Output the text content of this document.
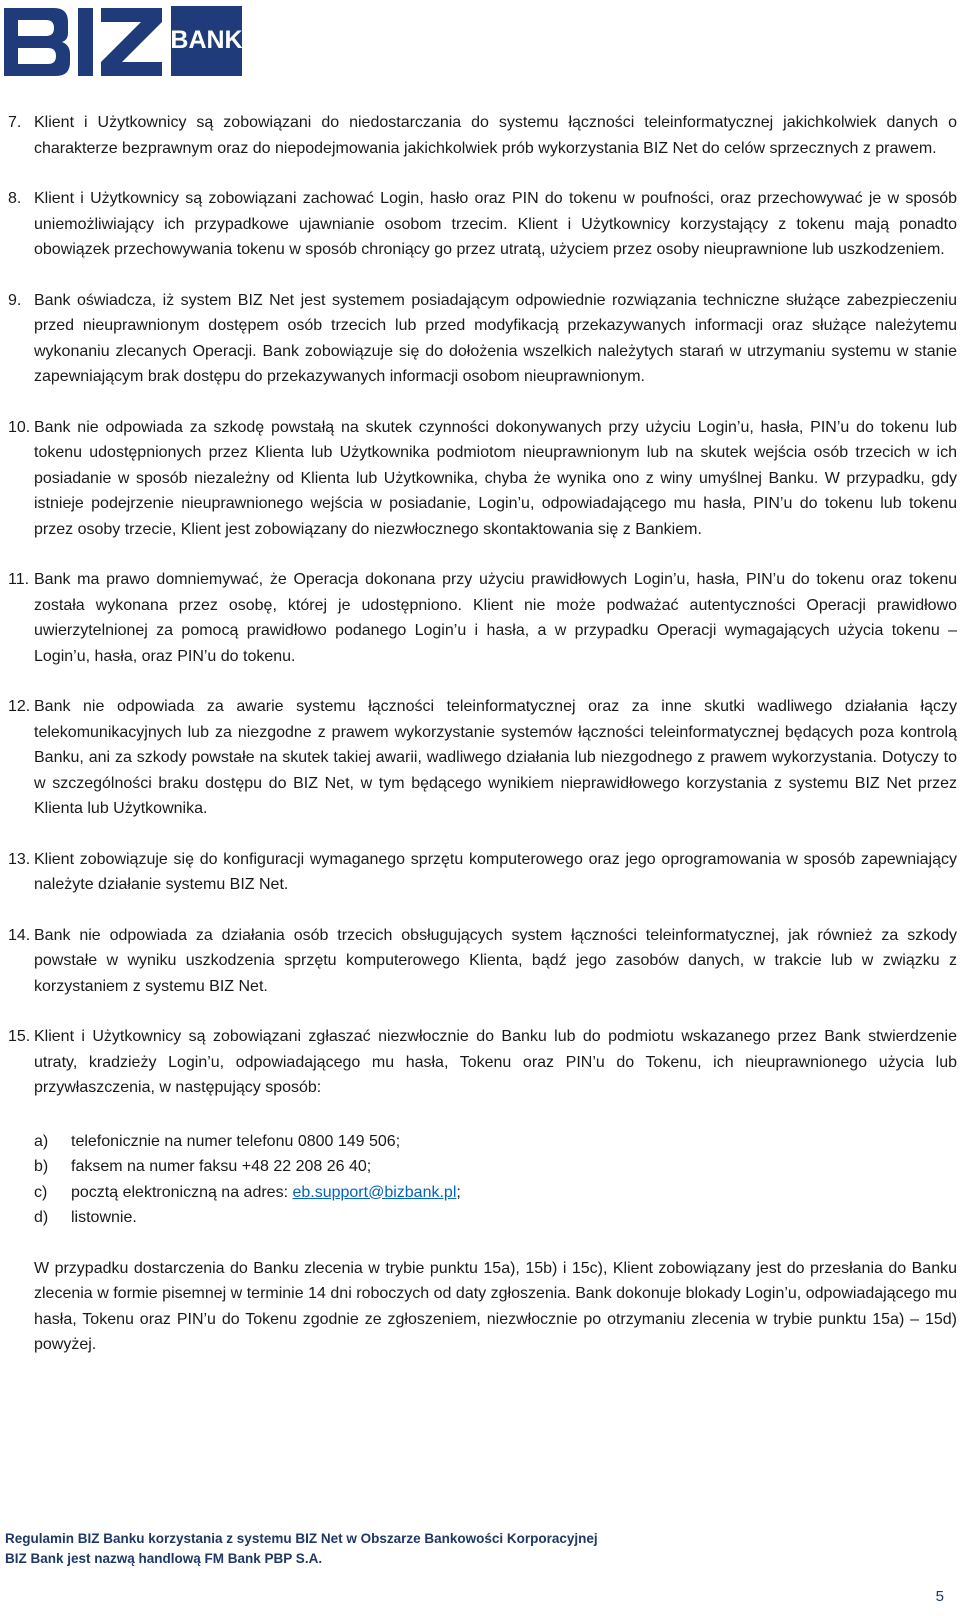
BANK
7. Klient i Użytkownicy są zobowiązani do niedostarczania do systemu łączności teleinformatycznej jakichkolwiek danych o charakterze bezprawnym oraz do niepodejmowania jakichkolwiek prób wykorzystania BIZ Net do celów sprzecznych z prawem.
8. Klient i Użytkownicy są zobowiązani zachować Login, hasło oraz PIN do tokenu w poufności, oraz przechowywać je w sposób uniemożliwiający ich przypadkowe ujawnianie osobom trzecim. Klient i Użytkownicy korzystający z tokenu mają ponadto obowiązek przechowywania tokenu w sposób chroniący go przez utratą, użyciem przez osoby nieuprawnione lub uszkodzeniem.
9. Bank oświadcza, iż system BIZ Net jest systemem posiadającym odpowiednie rozwiązania techniczne służące zabezpieczeniu przed nieuprawnionym dostępem osób trzecich lub przed modyfikacją przekazywanych informacji oraz służące należytemu wykonaniu zlecanych Operacji. Bank zobowiązuje się do dołożenia wszelkich należytych starań w utrzymaniu systemu w stanie zapewniającym brak dostępu do przekazywanych informacji osobom nieuprawnionym.
10. Bank nie odpowiada za szkodę powstałą na skutek czynności dokonywanych przy użyciu Login’u, hasła, PIN’u do tokenu lub tokenu udostępnionych przez Klienta lub Użytkownika podmiotom nieuprawnionym lub na skutek wejścia osób trzecich w ich posiadanie w sposób niezależny od Klienta lub Użytkownika, chyba że wynika ono z winy umyślnej Banku. W przypadku, gdy istnieje podejrzenie nieuprawnionego wejścia w posiadanie, Login’u, odpowiadającego mu hasła, PIN’u do tokenu lub tokenu przez osoby trzecie, Klient jest zobowiązany do niezwłocznego skontaktowania się z Bankiem.
11. Bank ma prawo domniemywać, że Operacja dokonana przy użyciu prawidłowych Login’u, hasła, PIN’u do tokenu oraz tokenu została wykonana przez osobę, której je udostępniono. Klient nie może podważać autentyczności Operacji prawidłowo uwierzytelnionej za pomocą prawidłowo podanego Login’u i hasła, a w przypadku Operacji wymagających użycia tokenu – Login’u, hasła, oraz PIN’u do tokenu.
12. Bank nie odpowiada za awarie systemu łączności teleinformatycznej oraz za inne skutki wadliwego działania łączy telekomunikacyjnych lub za niezgodne z prawem wykorzystanie systemów łączności teleinformatycznej będących poza kontrolą Banku, ani za szkody powstałe na skutek takiej awarii, wadliwego działania lub niezgodnego z prawem wykorzystania. Dotyczy to w szczególności braku dostępu do BIZ Net, w tym będącego wynikiem nieprawidłowego korzystania z systemu BIZ Net przez Klienta lub Użytkownika.
13. Klient zobowiązuje się do konfiguracji wymaganego sprzętu komputerowego oraz jego oprogramowania w sposób zapewniający należyte działanie systemu BIZ Net.
14. Bank nie odpowiada za działania osób trzecich obsługujących system łączności teleinformatycznej, jak również za szkody powstałe w wyniku uszkodzenia sprzętu komputerowego Klienta, bądź jego zasobów danych, w trakcie lub w związku z korzystaniem z systemu BIZ Net.
15. Klient i Użytkownicy są zobowiązani zgłaszać niezwłocznie do Banku lub do podmiotu wskazanego przez Bank stwierdzenie utraty, kradzieży Login’u, odpowiadającego mu hasła, Tokenu oraz PIN’u do Tokenu, ich nieuprawnionego użycia lub przywłaszczenia, w następujący sposób:
a)	telefonicznie na numer telefonu 0800 149 506;
b)	faksem na numer faksu +48 22 208 26 40;
c)	pocztą elektroniczną na adres: eb.support@bizbank.pl;
d)	listownie.
W przypadku dostarczenia do Banku zlecenia w trybie punktu 15a), 15b) i 15c), Klient zobowiązany jest do przesłania do Banku zlecenia w formie pisemnej w terminie 14 dni roboczych od daty zgłoszenia. Bank dokonuje blokady Login’u, odpowiadającego mu hasła, Tokenu oraz PIN’u do Tokenu zgodnie ze zgłoszeniem, niezwłocznie po otrzymaniu zlecenia w trybie punktu 15a) – 15d) powyżej.
Regulamin BIZ Banku korzystania z systemu BIZ Net w Obszarze Bankowości Korporacyjnej
BIZ Bank jest nazwą handlową FM Bank PBP S.A.
5
